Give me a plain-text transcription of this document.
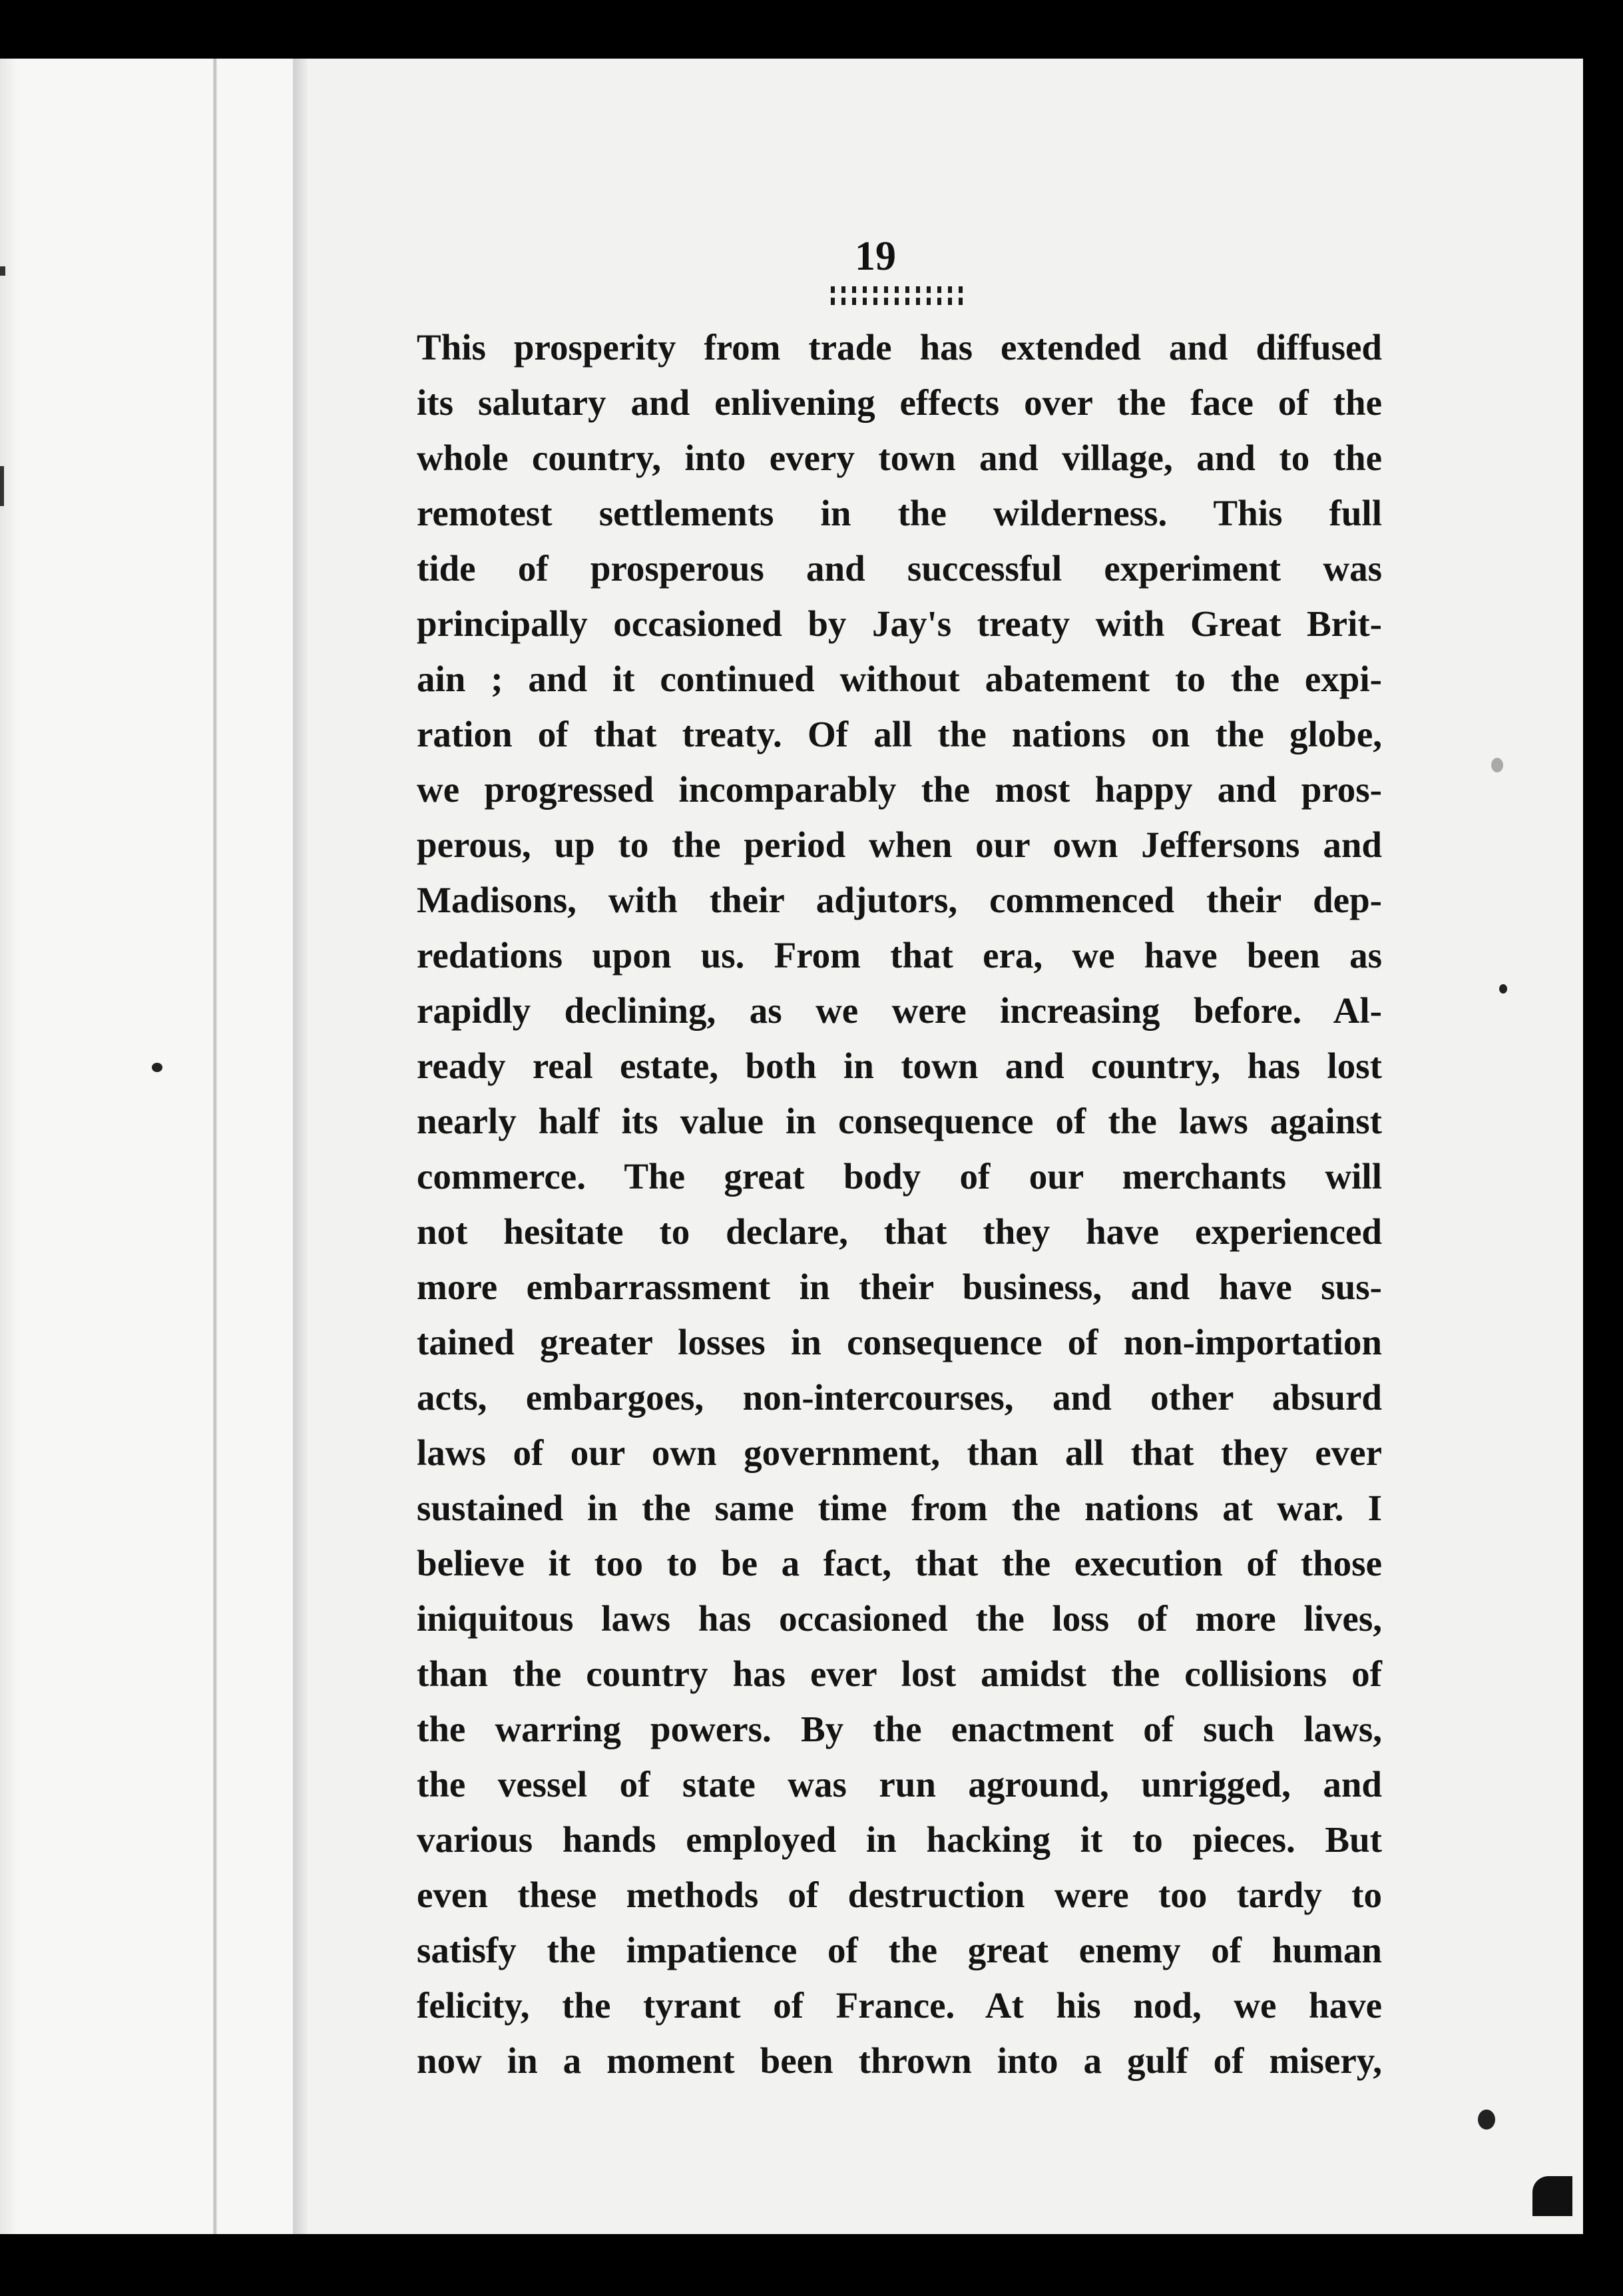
19
This prosperity from trade has extended and diffused
its salutary and enlivening effects over the face of the
whole country, into every town and village, and to the
remotest settlements in the wilderness. This full
tide of prosperous and successful experiment was
principally occasioned by Jay's treaty with Great Brit-
ain ; and it continued without abatement to the expi-
ration of that treaty. Of all the nations on the globe,
we progressed incomparably the most happy and pros-
perous, up to the period when our own Jeffersons and
Madisons, with their adjutors, commenced their dep-
redations upon us. From that era, we have been as
rapidly declining, as we were increasing before. Al-
ready real estate, both in town and country, has lost
nearly half its value in consequence of the laws against
commerce. The great body of our merchants will
not hesitate to declare, that they have experienced
more embarrassment in their business, and have sus-
tained greater losses in consequence of non-importation
acts, embargoes, non-intercourses, and other absurd
laws of our own government, than all that they ever
sustained in the same time from the nations at war. I
believe it too to be a fact, that the execution of those
iniquitous laws has occasioned the loss of more lives,
than the country has ever lost amidst the collisions of
the warring powers. By the enactment of such laws,
the vessel of state was run aground, unrigged, and
various hands employed in hacking it to pieces. But
even these methods of destruction were too tardy to
satisfy the impatience of the great enemy of human
felicity, the tyrant of France. At his nod, we have
now in a moment been thrown into a gulf of misery,
